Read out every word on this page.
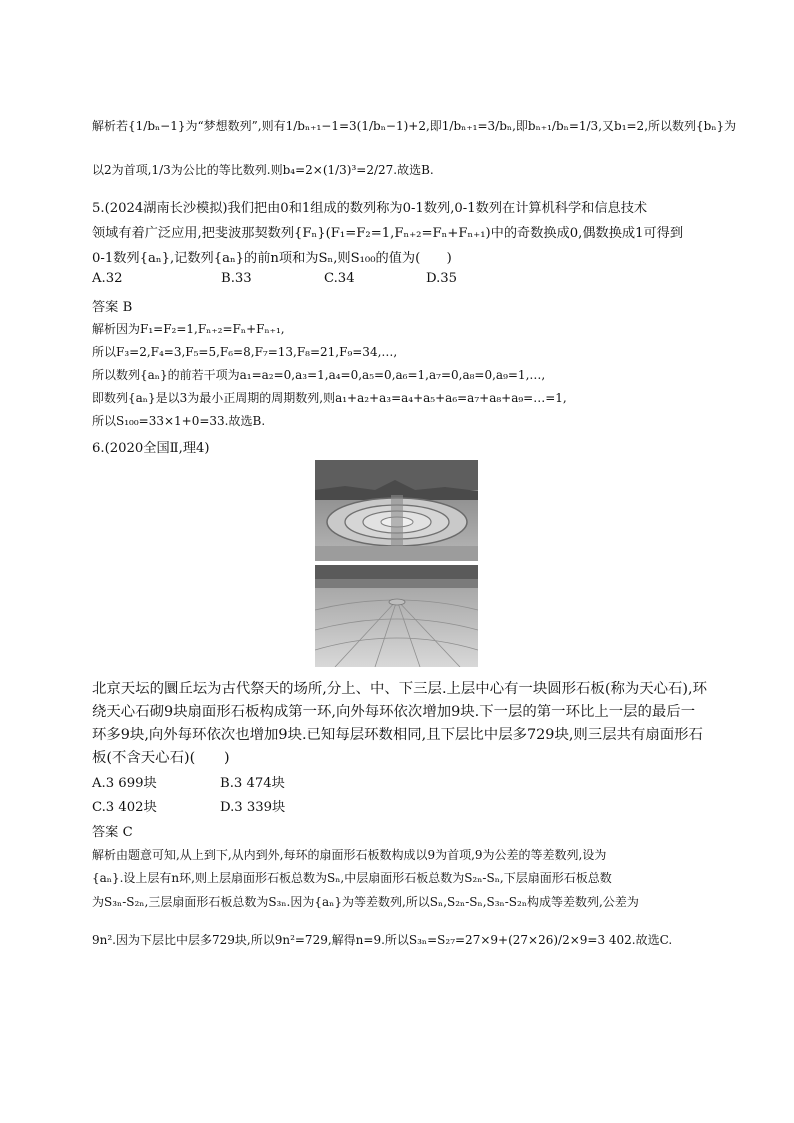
解析若{1/bₙ−1}为“梦想数列”,则有1/bₙ₊₁−1=3(1/bₙ−1)+2,即1/bₙ₊₁=3/bₙ,即bₙ₊₁/bₙ=1/3,又b₁=2,所以数列{bₙ}为
以2为首项,1/3为公比的等比数列.则b₄=2×(1/3)³=2/27.故选B.
5.(2024湖南长沙模拟)我们把由0和1组成的数列称为0-1数列,0-1数列在计算机科学和信息技术
领域有着广泛应用,把斐波那契数列{Fₙ}(F₁=F₂=1,Fₙ₊₂=Fₙ+Fₙ₊₁)中的奇数换成0,偶数换成1可得到
0-1数列{aₙ},记数列{aₙ}的前n项和为Sₙ,则S₁₀₀的值为(　　)
A.32	B.33	C.34	D.35
答案 B
解析因为F₁=F₂=1,Fₙ₊₂=Fₙ+Fₙ₊₁,
所以F₃=2,F₄=3,F₅=5,F₆=8,F₇=13,F₈=21,F₉=34,…,
所以数列{aₙ}的前若干项为a₁=a₂=0,a₃=1,a₄=0,a₅=0,a₆=1,a₇=0,a₈=0,a₉=1,…,
即数列{aₙ}是以3为最小正周期的周期数列,则a₁+a₂+a₃=a₄+a₅+a₆=a₇+a₈+a₉=…=1,
所以S₁₀₀=33×1+0=33.故选B.
6.(2020全国Ⅱ,理4)
北京天坛的圜丘坛为古代祭天的场所,分上、中、下三层.上层中心有一块圆形石板(称为天心石),环
绕天心石砌9块扇面形石板构成第一环,向外每环依次增加9块.下一层的第一环比上一层的最后一
环多9块,向外每环依次也增加9块.已知每层环数相同,且下层比中层多729块,则三层共有扇面形石
板(不含天心石)(　　)
A.3 699块	B.3 474块
C.3 402块	D.3 339块
答案 C
解析由题意可知,从上到下,从内到外,每环的扇面形石板数构成以9为首项,9为公差的等差数列,设为
{aₙ}.设上层有n环,则上层扇面形石板总数为Sₙ,中层扇面形石板总数为S₂ₙ-Sₙ,下层扇面形石板总数
为S₃ₙ-S₂ₙ,三层扇面形石板总数为S₃ₙ.因为{aₙ}为等差数列,所以Sₙ,S₂ₙ-Sₙ,S₃ₙ-S₂ₙ构成等差数列,公差为
9n².因为下层比中层多729块,所以9n²=729,解得n=9.所以S₃ₙ=S₂₇=27×9+(27×26)/2×9=3 402.故选C.
